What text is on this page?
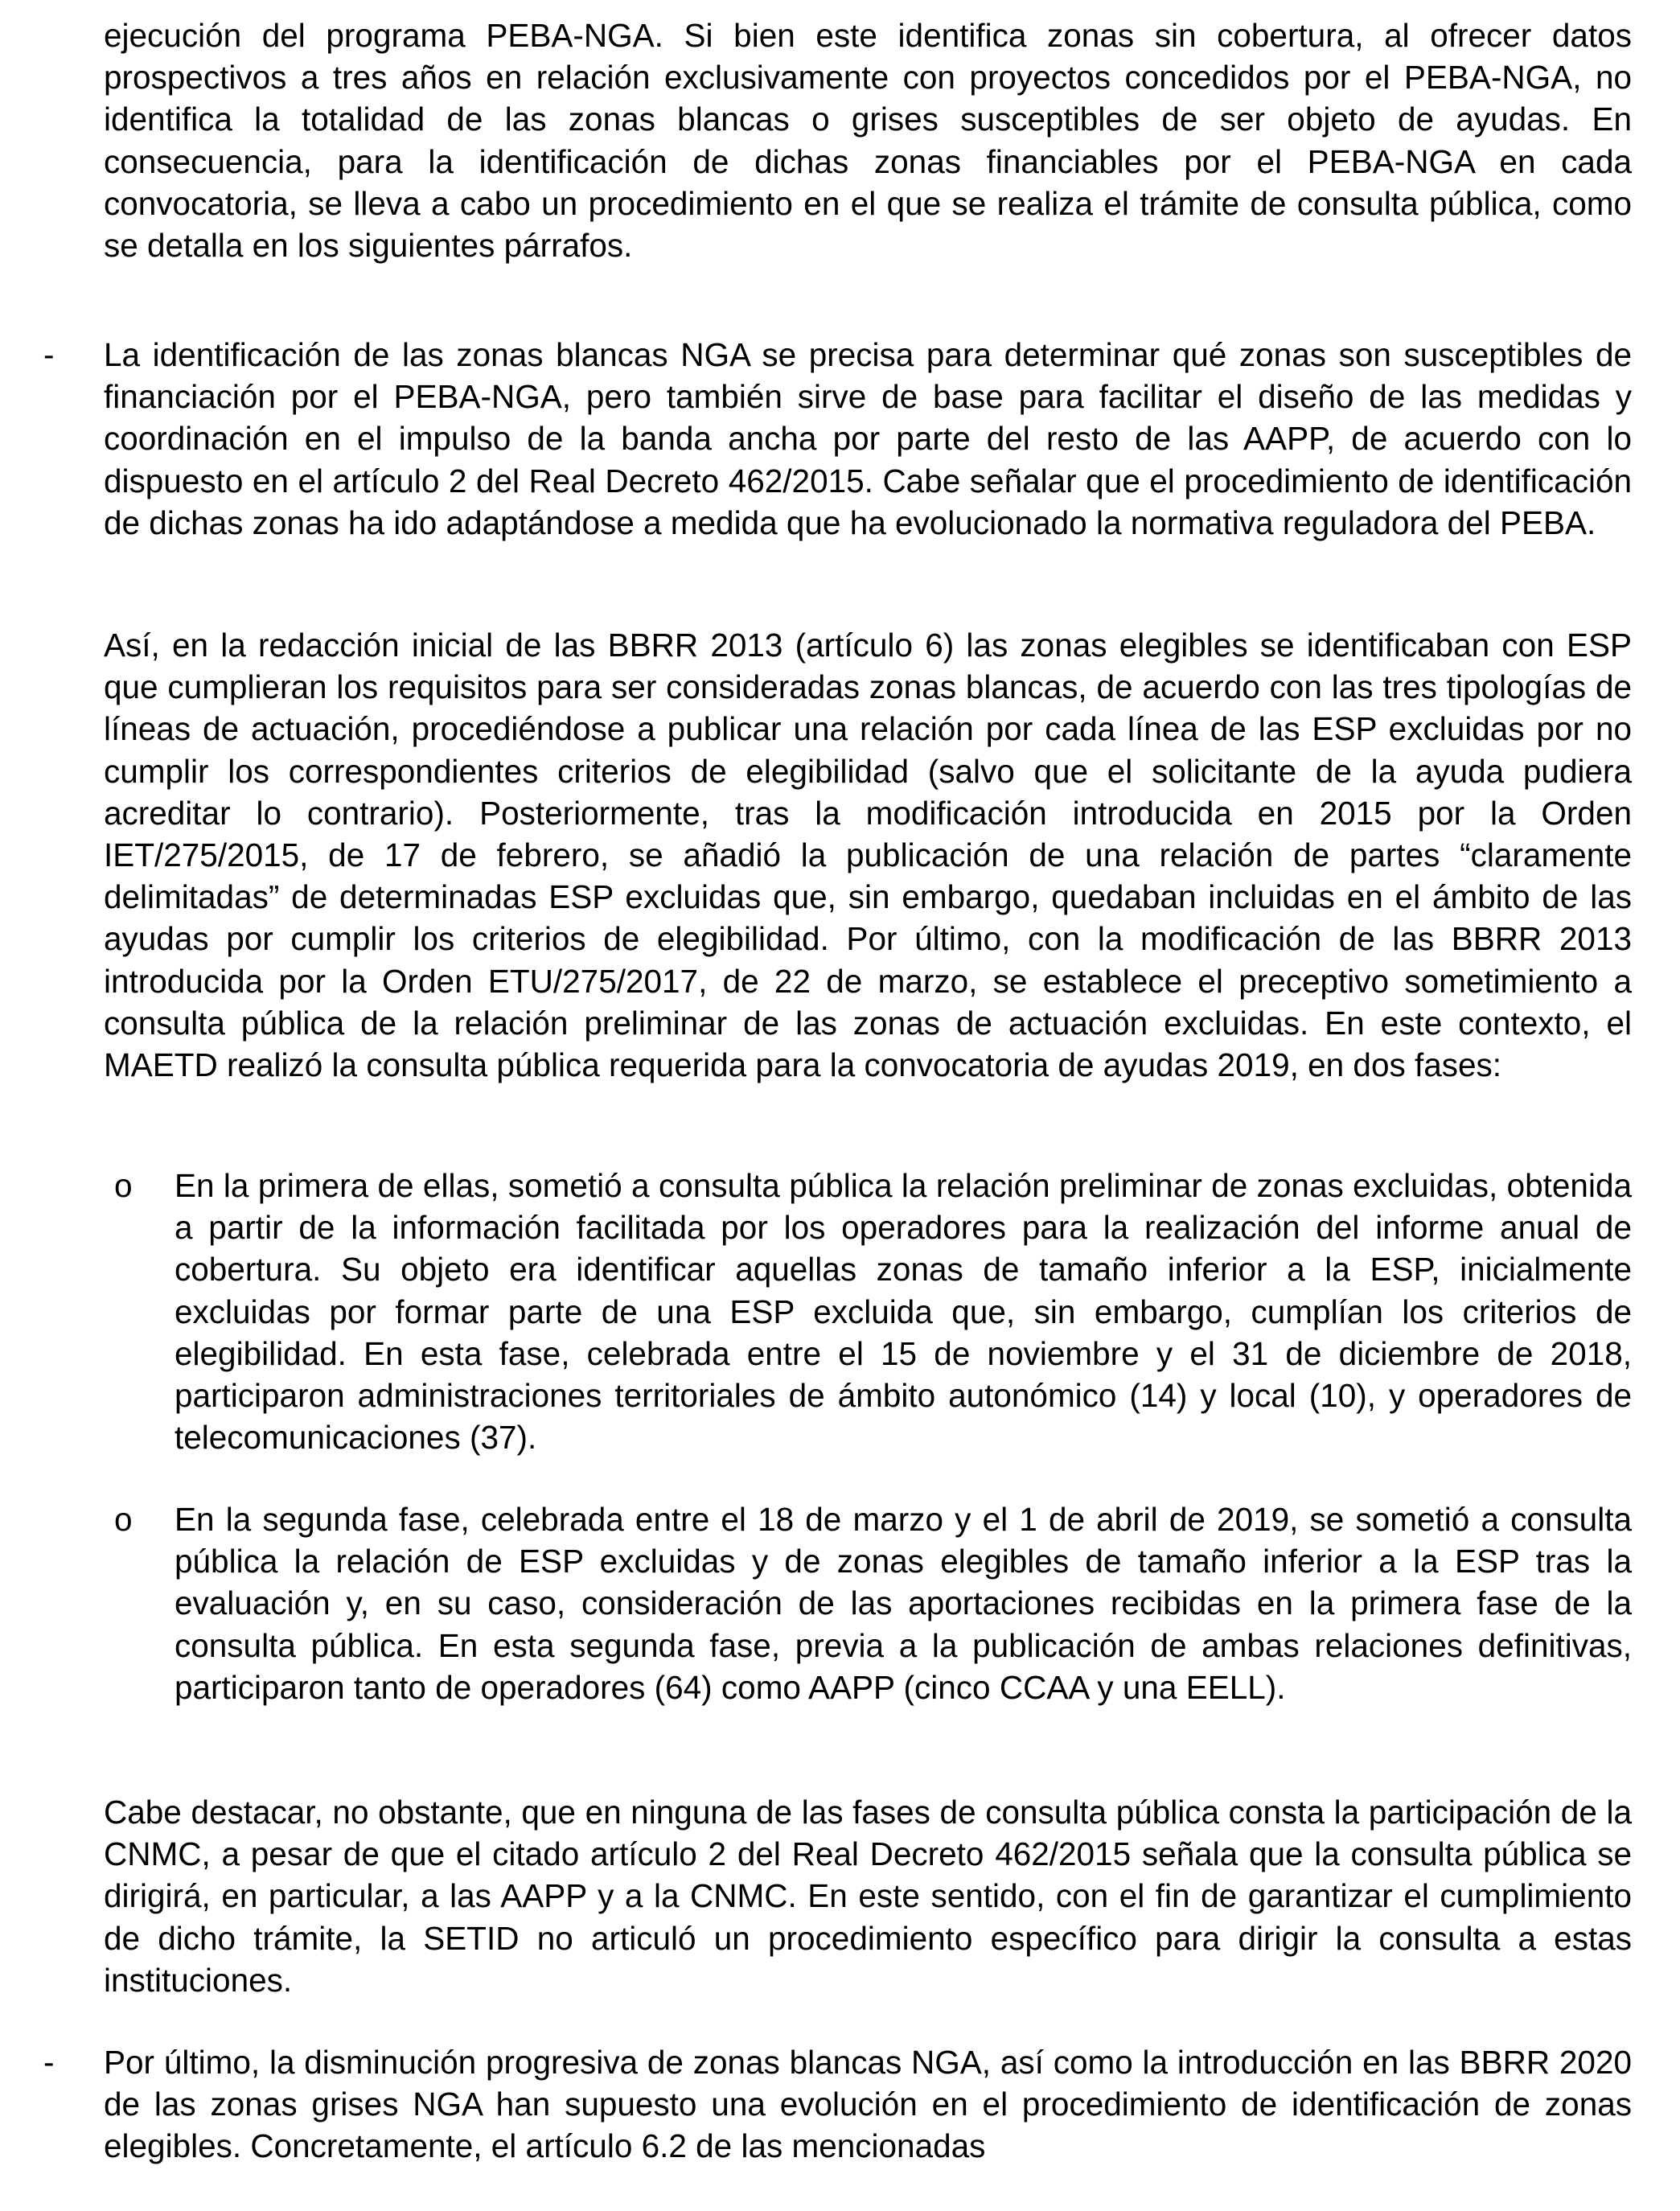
ejecución del programa PEBA-NGA. Si bien este identifica zonas sin cobertura, al ofrecer datos prospectivos a tres años en relación exclusivamente con proyectos concedidos por el PEBA-NGA, no identifica la totalidad de las zonas blancas o grises susceptibles de ser objeto de ayudas. En consecuencia, para la identificación de dichas zonas financiables por el PEBA-NGA en cada convocatoria, se lleva a cabo un procedimiento en el que se realiza el trámite de consulta pública, como se detalla en los siguientes párrafos.

- La identificación de las zonas blancas NGA se precisa para determinar qué zonas son susceptibles de financiación por el PEBA-NGA, pero también sirve de base para facilitar el diseño de las medidas y coordinación en el impulso de la banda ancha por parte del resto de las AAPP, de acuerdo con lo dispuesto en el artículo 2 del Real Decreto 462/2015. Cabe señalar que el procedimiento de identificación de dichas zonas ha ido adaptándose a medida que ha evolucionado la normativa reguladora del PEBA.

Así, en la redacción inicial de las BBRR 2013 (artículo 6) las zonas elegibles se identificaban con ESP que cumplieran los requisitos para ser consideradas zonas blancas, de acuerdo con las tres tipologías de líneas de actuación, procediéndose a publicar una relación por cada línea de las ESP excluidas por no cumplir los correspondientes criterios de elegibilidad (salvo que el solicitante de la ayuda pudiera acreditar lo contrario). Posteriormente, tras la modificación introducida en 2015 por la Orden IET/275/2015, de 17 de febrero, se añadió la publicación de una relación de partes “claramente delimitadas” de determinadas ESP excluidas que, sin embargo, quedaban incluidas en el ámbito de las ayudas por cumplir los criterios de elegibilidad. Por último, con la modificación de las BBRR 2013 introducida por la Orden ETU/275/2017, de 22 de marzo, se establece el preceptivo sometimiento a consulta pública de la relación preliminar de las zonas de actuación excluidas. En este contexto, el MAETD realizó la consulta pública requerida para la convocatoria de ayudas 2019, en dos fases:

o En la primera de ellas, sometió a consulta pública la relación preliminar de zonas excluidas, obtenida a partir de la información facilitada por los operadores para la realización del informe anual de cobertura. Su objeto era identificar aquellas zonas de tamaño inferior a la ESP, inicialmente excluidas por formar parte de una ESP excluida que, sin embargo, cumplían los criterios de elegibilidad. En esta fase, celebrada entre el 15 de noviembre y el 31 de diciembre de 2018, participaron administraciones territoriales de ámbito autonómico (14) y local (10), y operadores de telecomunicaciones (37).

o En la segunda fase, celebrada entre el 18 de marzo y el 1 de abril de 2019, se sometió a consulta pública la relación de ESP excluidas y de zonas elegibles de tamaño inferior a la ESP tras la evaluación y, en su caso, consideración de las aportaciones recibidas en la primera fase de la consulta pública. En esta segunda fase, previa a la publicación de ambas relaciones definitivas, participaron tanto de operadores (64) como AAPP (cinco CCAA y una EELL).

Cabe destacar, no obstante, que en ninguna de las fases de consulta pública consta la participación de la CNMC, a pesar de que el citado artículo 2 del Real Decreto 462/2015 señala que la consulta pública se dirigirá, en particular, a las AAPP y a la CNMC. En este sentido, con el fin de garantizar el cumplimiento de dicho trámite, la SETID no articuló un procedimiento específico para dirigir la consulta a estas instituciones.

- Por último, la disminución progresiva de zonas blancas NGA, así como la introducción en las BBRR 2020 de las zonas grises NGA han supuesto una evolución en el procedimiento de identificación de zonas elegibles. Concretamente, el artículo 6.2 de las mencionadas
